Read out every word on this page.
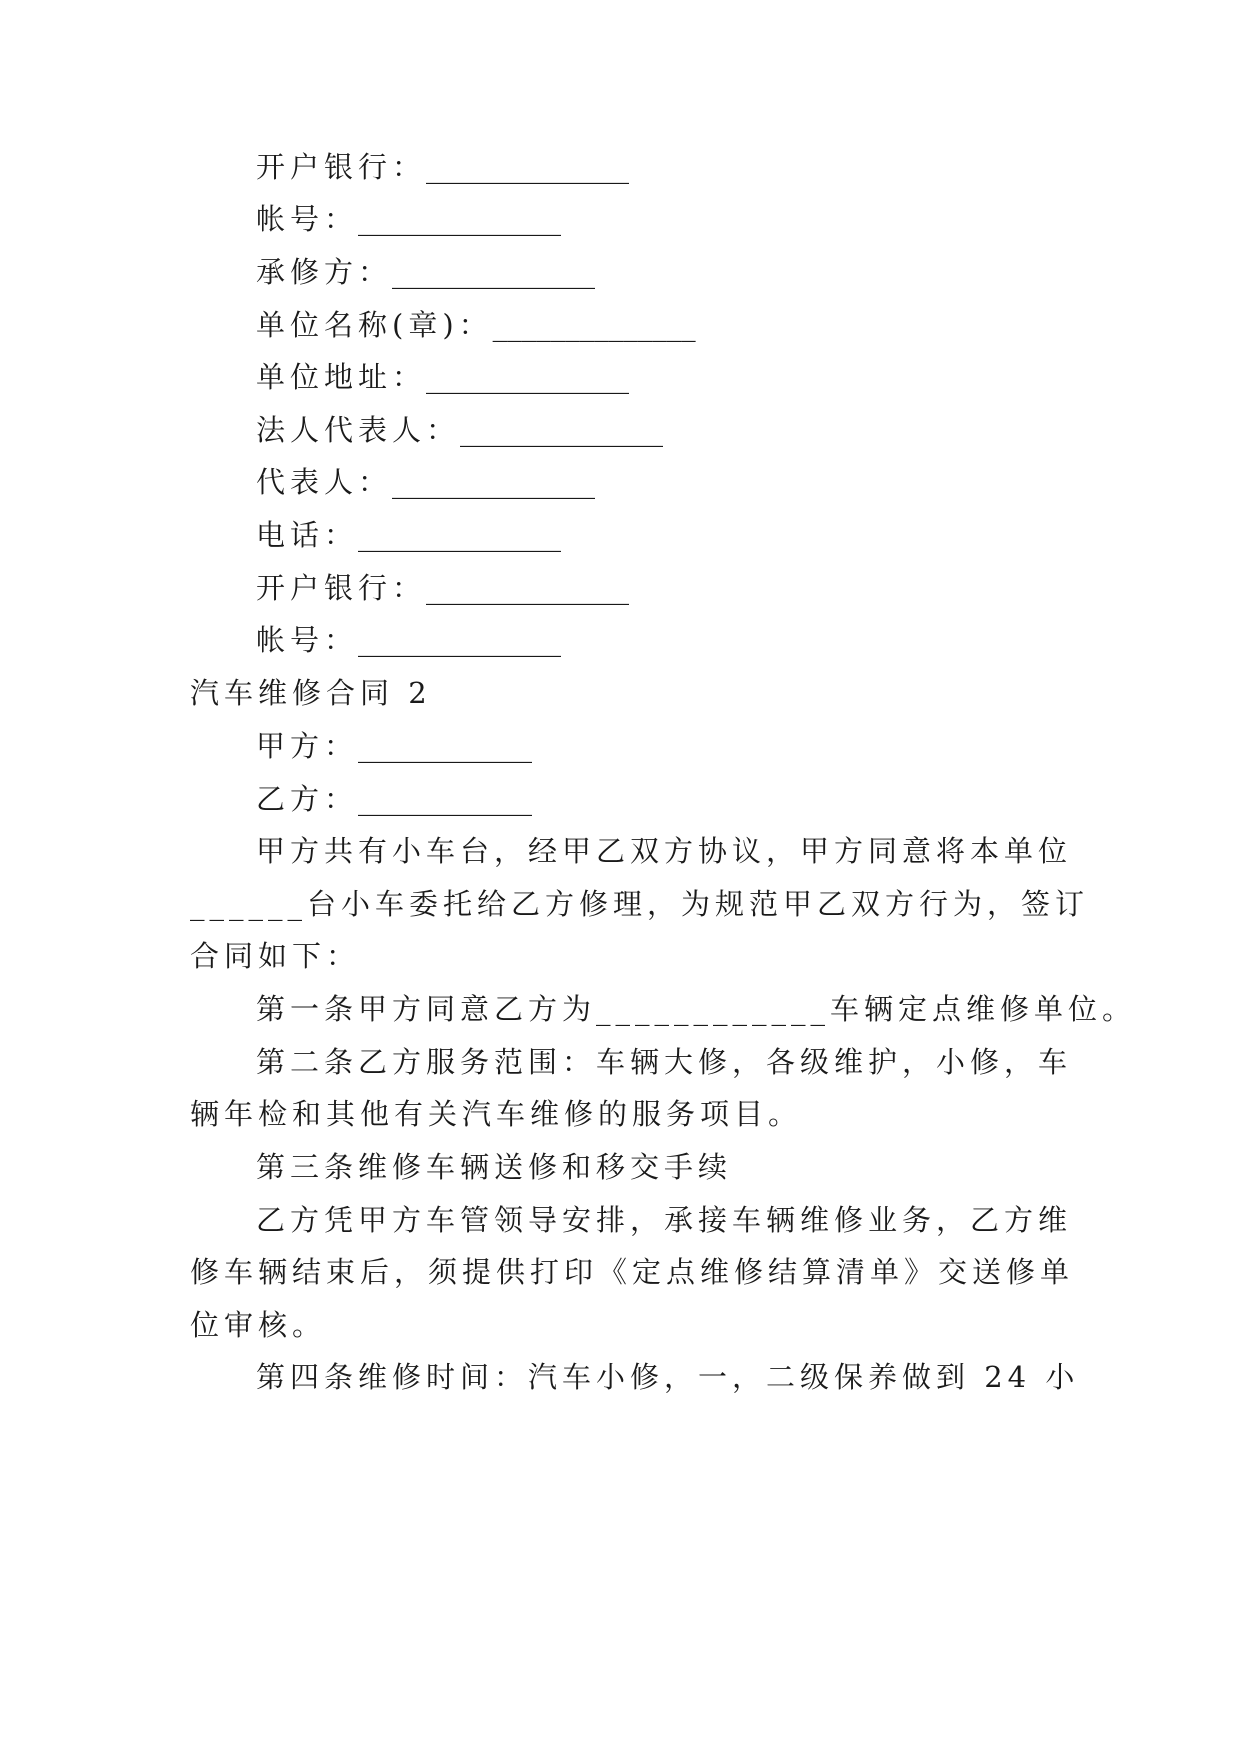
开户银行：______________
帐号：______________
承修方：______________
单位名称(章)：______________
单位地址：______________
法人代表人：______________
代表人：______________
电话：______________
开户银行：______________
帐号：______________
汽车维修合同 2
甲方：____________
乙方：____________
甲方共有小车台，经甲乙双方协议，甲方同意将本单位
______台小车委托给乙方修理，为规范甲乙双方行为，签订
合同如下：
第一条甲方同意乙方为____________车辆定点维修单位。
第二条乙方服务范围：车辆大修，各级维护，小修，车
辆年检和其他有关汽车维修的服务项目。
第三条维修车辆送修和移交手续
乙方凭甲方车管领导安排，承接车辆维修业务，乙方维
修车辆结束后，须提供打印《定点维修结算清单》交送修单
位审核。
第四条维修时间：汽车小修，一，二级保养做到 24 小
